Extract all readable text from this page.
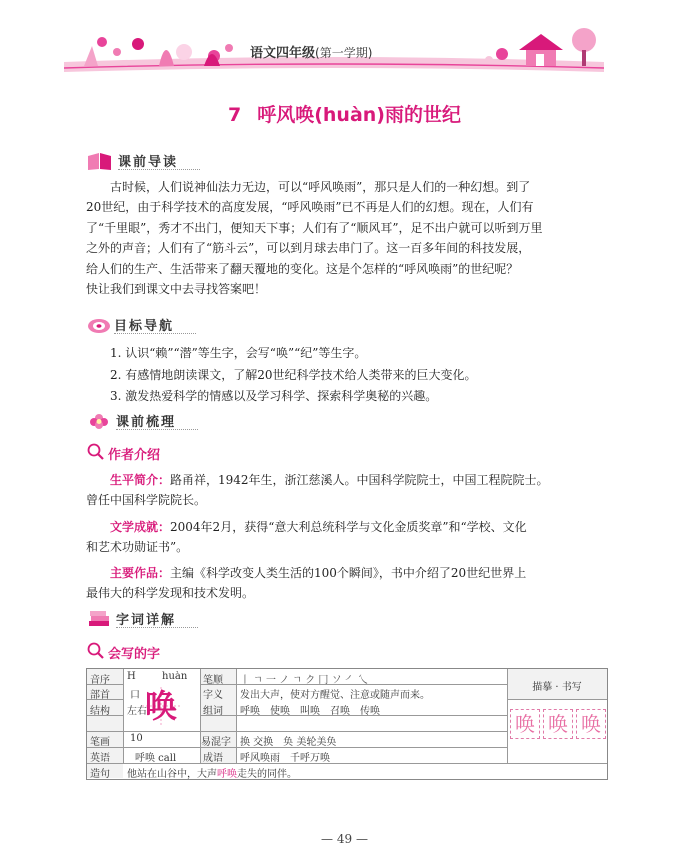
语文四年级(第一学期)
7 呼风唤(huàn)雨的世纪
课前导读
古时候，人们说神仙法力无边，可以“呼风唤雨”，那只是人们的一种幻想。到了
20世纪，由于科学技术的高度发展，“呼风唤雨”已不再是人们的幻想。现在，人们有
了“千里眼”，秀才不出门，便知天下事；人们有了“顺风耳”，足不出户就可以听到万里
之外的声音；人们有了“筋斗云”，可以到月球去串门了。这一百多年间的科技发展，
给人们的生产、生活带来了翻天覆地的变化。这是个怎样的“呼风唤雨”的世纪呢？
快让我们到课文中去寻找答案吧！
目标导航
1. 认识“赖”“潜”等生字，会写“唤”“纪”等生字。
2. 有感情地朗读课文，了解20世纪科学技术给人类带来的巨大变化。
3. 激发热爱科学的情感以及学习科学、探索科学奥秘的兴趣。
课前梳理
作者介绍
生平简介：路甬祥，1942年生，浙江慈溪人。中国科学院院士，中国工程院院士。
曾任中国科学院院长。
文学成就：2004年2月，获得“意大利总统科学与文化金质奖章”和“学校、文化
和艺术功勋证书”。
主要作品：主编《科学改变人类生活的100个瞬间》，书中介绍了20世纪世界上
最伟大的科学发现和技术发明。
字词详解
会写的字
音序
部首
结构
笔画
英语
造句
H	huàn
口
左右
10
呼唤 call
唤
笔顺
字义
组词
易混字
成语
丨 ㄱ 一 ノ ㄱ ク 冂 ソ ㇒ 乀
发出大声，使对方醒觉、注意或随声而来。
呼唤　使唤　叫唤　召唤　传唤
换 交换　奂 美轮美奂
呼风唤雨　千呼万唤
他站在山谷中，大声呼唤走失的同伴。
描摹 · 书写
唤 唤 唤
— 49 —
